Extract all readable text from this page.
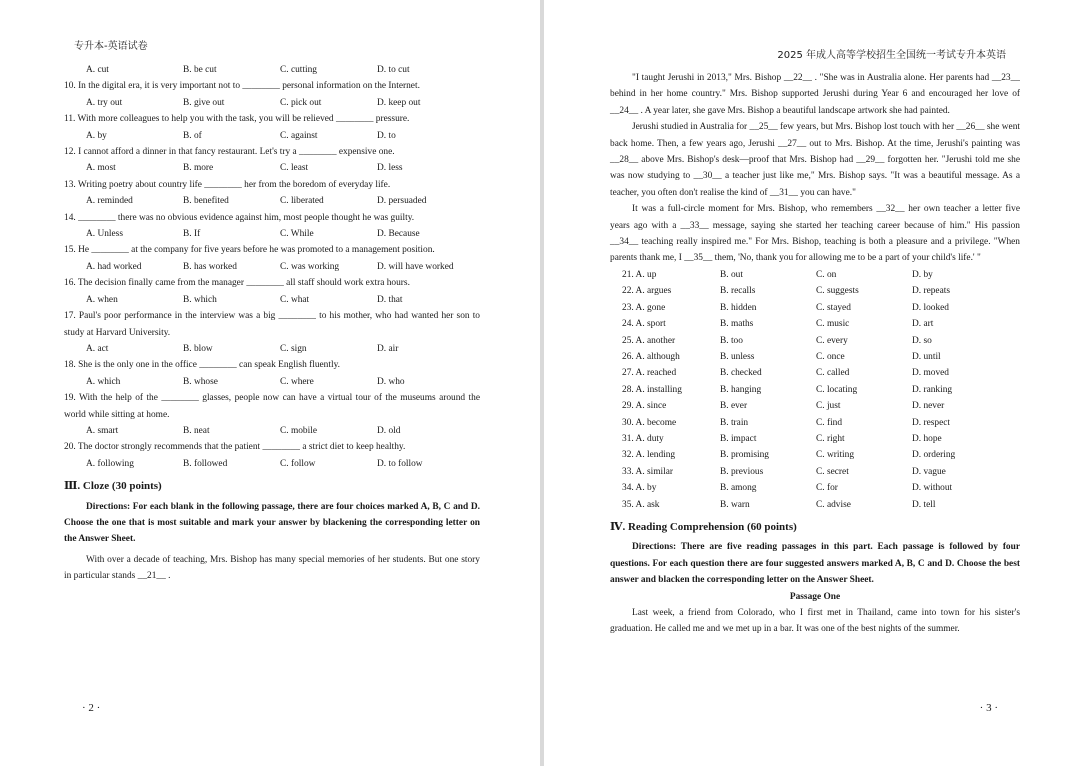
专升本-英语试卷
A. cut	B. be cut	C. cutting	D. to cut
10. In the digital era, it is very important not to ________ personal information on the Internet.
A. try out	B. give out	C. pick out	D. keep out
11. With more colleagues to help you with the task, you will be relieved ________ pressure.
A. by	B. of	C. against	D. to
12. I cannot afford a dinner in that fancy restaurant. Let's try a ________ expensive one.
A. most	B. more	C. least	D. less
13. Writing poetry about country life ________ her from the boredom of everyday life.
A. reminded	B. benefited	C. liberated	D. persuaded
14. ________ there was no obvious evidence against him, most people thought he was guilty.
A. Unless	B. If	C. While	D. Because
15. He ________ at the company for five years before he was promoted to a management position.
A. had worked	B. has worked	C. was working	D. will have worked
16. The decision finally came from the manager ________ all staff should work extra hours.
A. when	B. which	C. what	D. that
17. Paul's poor performance in the interview was a big ________ to his mother, who had wanted her son to study at Harvard University.
A. act	B. blow	C. sign	D. air
18. She is the only one in the office ________ can speak English fluently.
A. which	B. whose	C. where	D. who
19. With the help of the ________ glasses, people now can have a virtual tour of the museums around the world while sitting at home.
A. smart	B. neat	C. mobile	D. old
20. The doctor strongly recommends that the patient ________ a strict diet to keep healthy.
A. following	B. followed	C. follow	D. to follow
Ⅲ. Cloze (30 points)
Directions: For each blank in the following passage, there are four choices marked A, B, C and D. Choose the one that is most suitable and mark your answer by blackening the corresponding letter on the Answer Sheet.
With over a decade of teaching, Mrs. Bishop has many special memories of her students. But one story in particular stands __21__ .
· 2 ·
2025 年成人高等学校招生全国统一考试专升本英语
"I taught Jerushi in 2013," Mrs. Bishop __22__ . "She was in Australia alone. Her parents had __23__ behind in her home country." Mrs. Bishop supported Jerushi during Year 6 and encouraged her love of __24__ . A year later, she gave Mrs. Bishop a beautiful landscape artwork she had painted.
Jerushi studied in Australia for __25__ few years, but Mrs. Bishop lost touch with her __26__ she went back home. Then, a few years ago, Jerushi __27__ out to Mrs. Bishop. At the time, Jerushi's painting was __28__ above Mrs. Bishop's desk—proof that Mrs. Bishop had __29__ forgotten her. "Jerushi told me she was now studying to __30__ a teacher just like me," Mrs. Bishop says. "It was a beautiful message. As a teacher, you often don't realise the kind of __31__ you can have."
It was a full-circle moment for Mrs. Bishop, who remembers __32__ her own teacher a letter five years ago with a __33__ message, saying she started her teaching career because of him." His passion __34__ teaching really inspired me." For Mrs. Bishop, teaching is both a pleasure and a privilege. "When parents thank me, I __35__ them, 'No, thank you for allowing me to be a part of your child's life.' "
21. A. up	B. out	C. on	D. by
22. A. argues	B. recalls	C. suggests	D. repeats
23. A. gone	B. hidden	C. stayed	D. looked
24. A. sport	B. maths	C. music	D. art
25. A. another	B. too	C. every	D. so
26. A. although	B. unless	C. once	D. until
27. A. reached	B. checked	C. called	D. moved
28. A. installing	B. hanging	C. locating	D. ranking
29. A. since	B. ever	C. just	D. never
30. A. become	B. train	C. find	D. respect
31. A. duty	B. impact	C. right	D. hope
32. A. lending	B. promising	C. writing	D. ordering
33. A. similar	B. previous	C. secret	D. vague
34. A. by	B. among	C. for	D. without
35. A. ask	B. warn	C. advise	D. tell
Ⅳ. Reading Comprehension (60 points)
Directions: There are five reading passages in this part. Each passage is followed by four questions. For each question there are four suggested answers marked A, B, C and D. Choose the best answer and blacken the corresponding letter on the Answer Sheet.
Passage One
Last week, a friend from Colorado, who I first met in Thailand, came into town for his sister's graduation. He called me and we met up in a bar. It was one of the best nights of the summer.
· 3 ·
